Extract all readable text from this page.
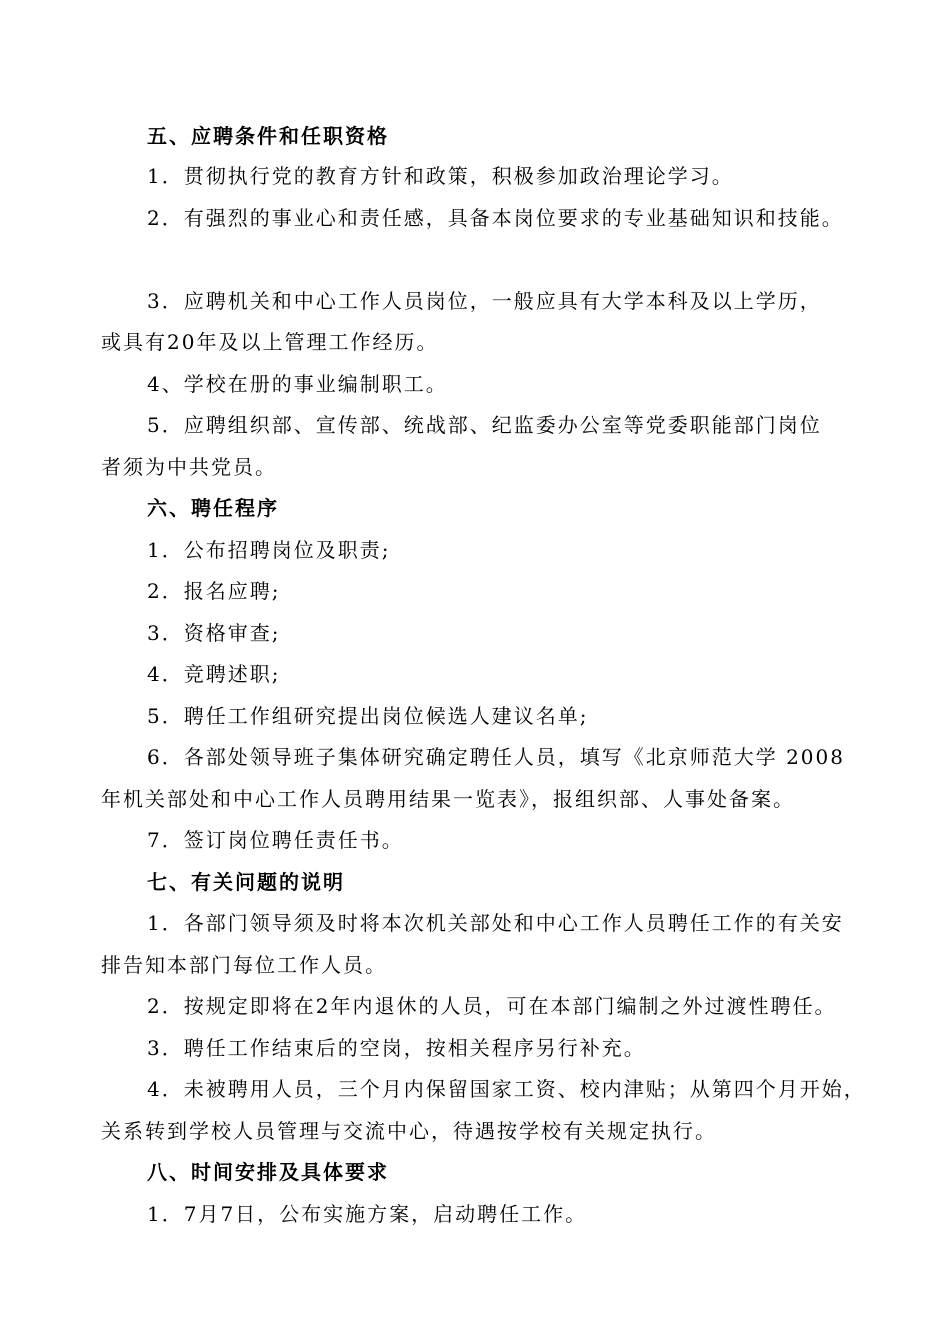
五、应聘条件和任职资格
1．贯彻执行党的教育方针和政策，积极参加政治理论学习。
2．有强烈的事业心和责任感，具备本岗位要求的专业基础知识和技能。
3．应聘机关和中心工作人员岗位，一般应具有大学本科及以上学历，
或具有20年及以上管理工作经历。
4、学校在册的事业编制职工。
5．应聘组织部、宣传部、统战部、纪监委办公室等党委职能部门岗位
者须为中共党员。
六、聘任程序
1．公布招聘岗位及职责;
2．报名应聘;
3．资格审查;
4．竞聘述职;
5．聘任工作组研究提出岗位候选人建议名单;
6．各部处领导班子集体研究确定聘任人员，填写《北京师范大学 2008
年机关部处和中心工作人员聘用结果一览表》，报组织部、人事处备案。
7．签订岗位聘任责任书。
七、有关问题的说明
1．各部门领导须及时将本次机关部处和中心工作人员聘任工作的有关安
排告知本部门每位工作人员。
2．按规定即将在2年内退休的人员，可在本部门编制之外过渡性聘任。
3．聘任工作结束后的空岗，按相关程序另行补充。
4．未被聘用人员，三个月内保留国家工资、校内津贴；从第四个月开始，
关系转到学校人员管理与交流中心，待遇按学校有关规定执行。
八、时间安排及具体要求
1．7月7日，公布实施方案，启动聘任工作。
